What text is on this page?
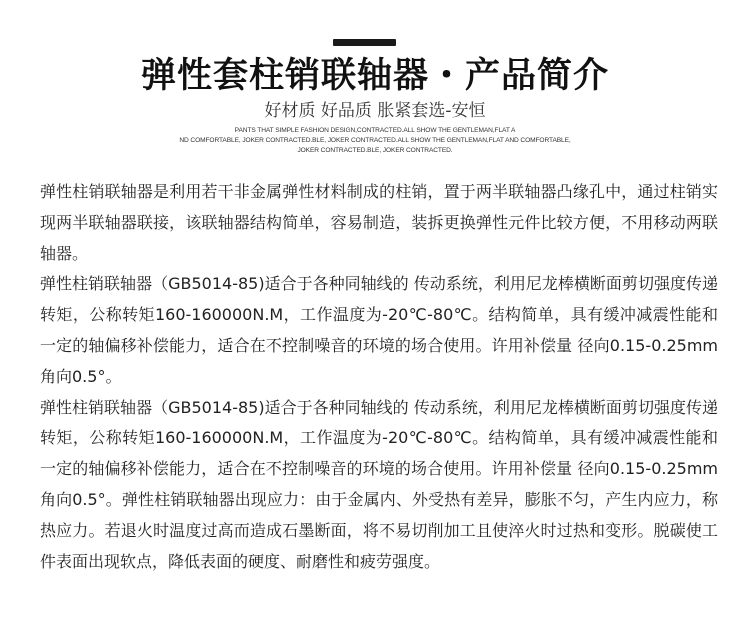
弹性套柱销联轴器・产品简介
好材质 好品质 胀紧套选-安恒
PANTS THAT SIMPLE FASHION DESIGN,CONTRACTED.ALL SHOW THE GENTLEMAN,FLAT A
ND COMFORTABLE, JOKER CONTRACTED.BLE, JOKER CONTRACTED.ALL SHOW THE GENTLEMAN,FLAT AND COMFORTABLE,
JOKER CONTRACTED.BLE, JOKER CONTRACTED.

弹性柱销联轴器是利用若干非金属弹性材料制成的柱销，置于两半联轴器凸缘孔中，通过柱销实现两半联轴器联接，该联轴器结构简单，容易制造，装拆更换弹性元件比较方便，不用移动两联轴器。

弹性柱销联轴器（GB5014-85)适合于各种同轴线的 传动系统，利用尼龙棒横断面剪切强度传递转矩，公称转矩160-160000N.M，工作温度为-20℃-80℃。结构简单，具有缓冲减震性能和一定的轴偏移补偿能力，适合在不控制噪音的环境的场合使用。许用补偿量 径向0.15-0.25mm 角向0.5°。

弹性柱销联轴器（GB5014-85)适合于各种同轴线的 传动系统，利用尼龙棒横断面剪切强度传递转矩，公称转矩160-160000N.M，工作温度为-20℃-80℃。结构简单，具有缓冲减震性能和一定的轴偏移补偿能力，适合在不控制噪音的环境的场合使用。许用补偿量 径向0.15-0.25mm 角向0.5°。弹性柱销联轴器出现应力：由于金属内、外受热有差异，膨胀不匀，产生内应力，称热应力。若退火时温度过高而造成石墨断面，将不易切削加工且使淬火时过热和变形。脱碳使工件表面出现软点，降低表面的硬度、耐磨性和疲劳强度。
